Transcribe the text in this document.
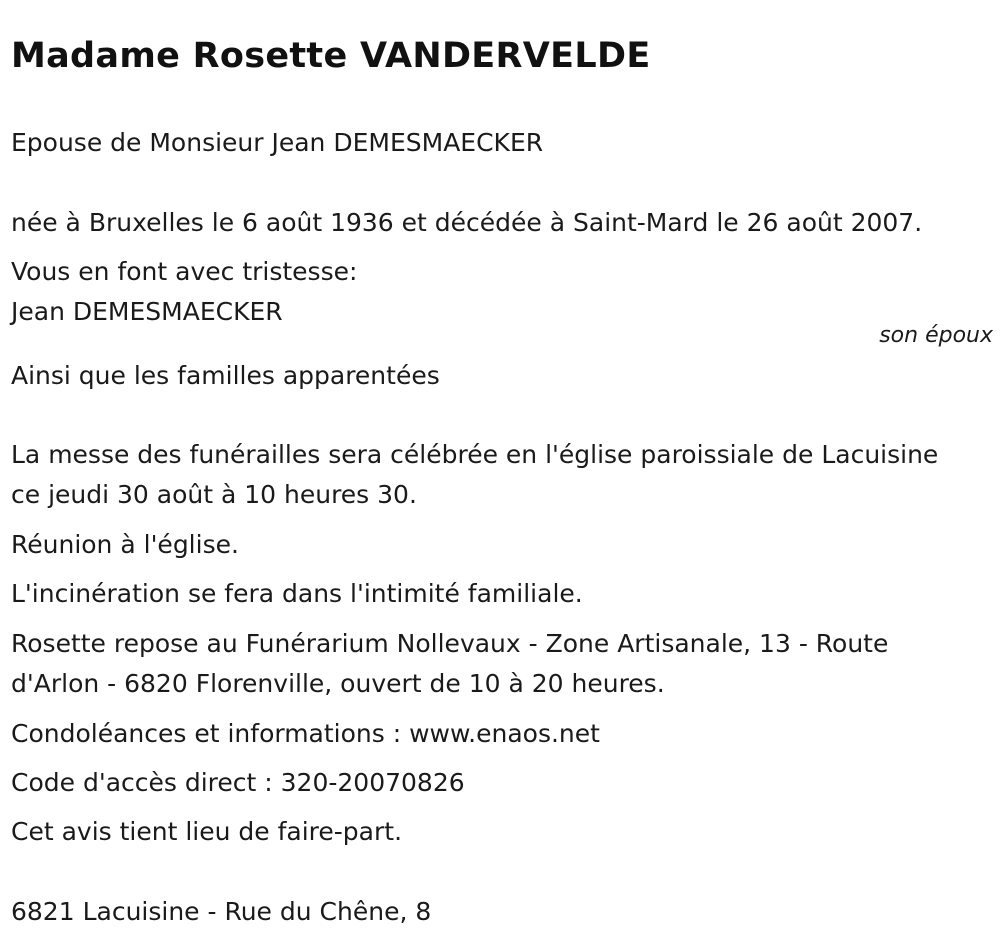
Madame Rosette VANDERVELDE

Epouse de Monsieur Jean DEMESMAECKER

née à Bruxelles le 6 août 1936 et décédée à Saint-Mard le 26 août 2007.

Vous en font avec tristesse:

Jean DEMESMAECKER

son époux

Ainsi que les familles apparentées

La messe des funérailles sera célébrée en l'église paroissiale de Lacuisine

ce jeudi 30 août à 10 heures 30.

Réunion à l'église.

L'incinération se fera dans l'intimité familiale.

Rosette repose au Funérarium Nollevaux - Zone Artisanale, 13 - Route

d'Arlon - 6820 Florenville, ouvert de 10 à 20 heures.

Condoléances et informations : www.enaos.net

Code d'accès direct : 320-20070826

Cet avis tient lieu de faire-part.

6821 Lacuisine - Rue du Chêne, 8
